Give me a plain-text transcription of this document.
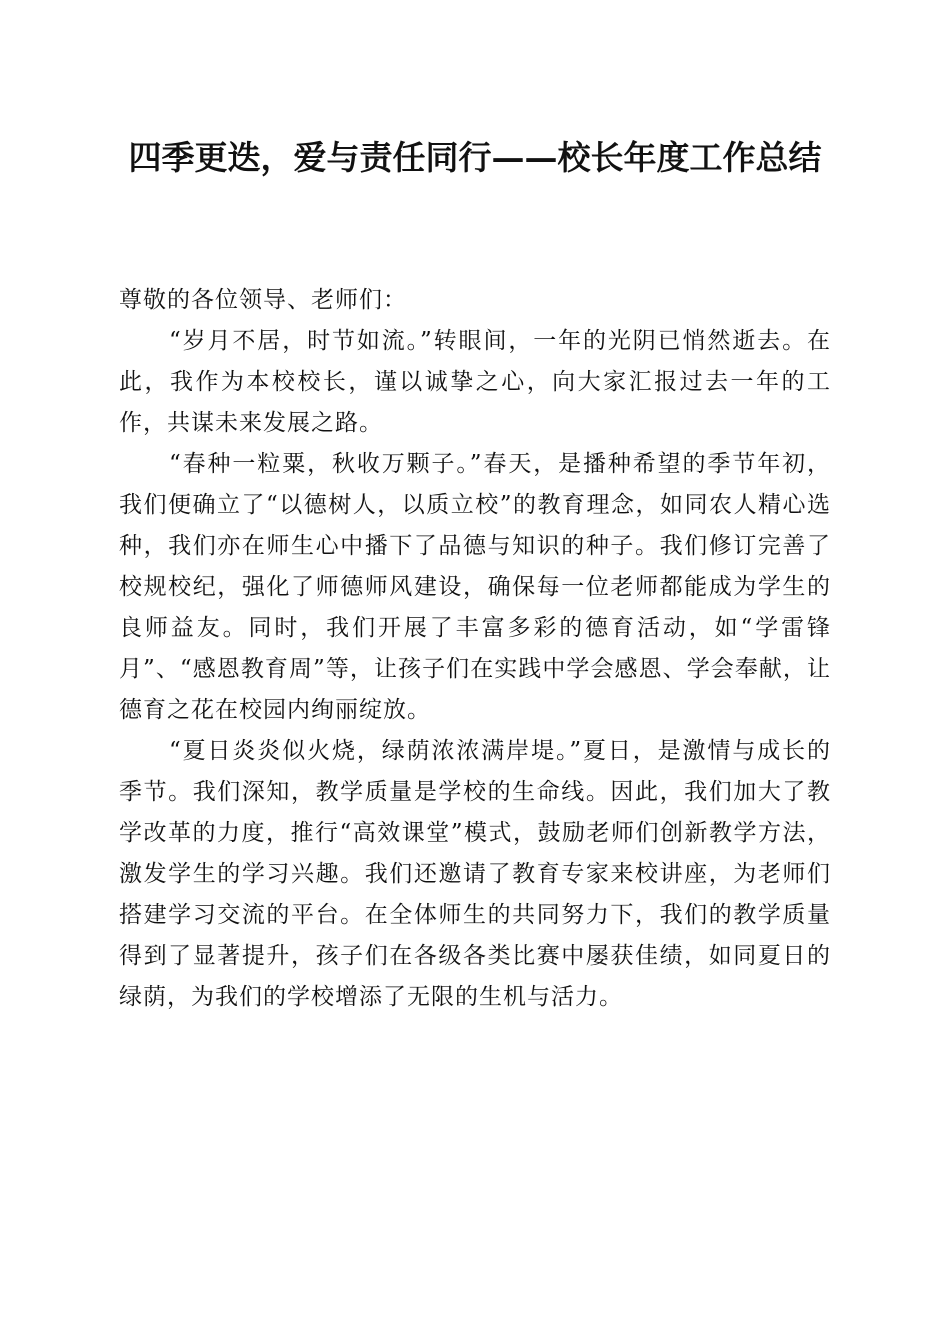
四季更迭，爱与责任同行——校长年度工作总结

尊敬的各位领导、老师们：

“岁月不居，时节如流。”转眼间，一年的光阴已悄然逝去。在此，我作为本校校长，谨以诚挚之心，向大家汇报过去一年的工作，共谋未来发展之路。

“春种一粒粟，秋收万颗子。”春天，是播种希望的季节年初，我们便确立了“以德树人，以质立校”的教育理念，如同农人精心选种，我们亦在师生心中播下了品德与知识的种子。我们修订完善了校规校纪，强化了师德师风建设，确保每一位老师都能成为学生的良师益友。同时，我们开展了丰富多彩的德育活动，如“学雷锋月”、“感恩教育周”等，让孩子们在实践中学会感恩、学会奉献，让德育之花在校园内绚丽绽放。

“夏日炎炎似火烧，绿荫浓浓满岸堤。”夏日，是激情与成长的季节。我们深知，教学质量是学校的生命线。因此，我们加大了教学改革的力度，推行“高效课堂”模式，鼓励老师们创新教学方法，激发学生的学习兴趣。我们还邀请了教育专家来校讲座，为老师们搭建学习交流的平台。在全体师生的共同努力下，我们的教学质量得到了显著提升，孩子们在各级各类比赛中屡获佳绩，如同夏日的绿荫，为我们的学校增添了无限的生机与活力。
